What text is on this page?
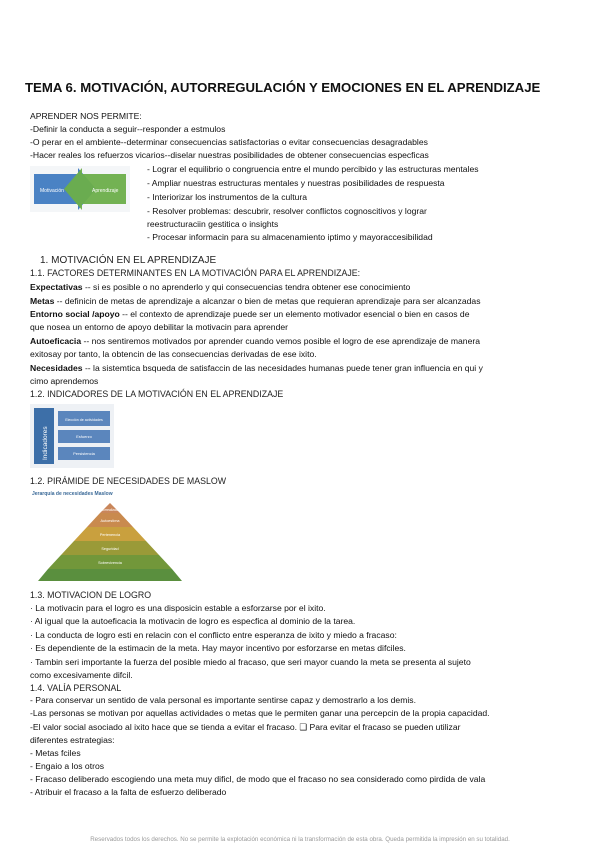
TEMA 6. MOTIVACIÓN, AUTORREGULACIÓN Y EMOCIONES EN EL APRENDIZAJE

APRENDER NOS PERMITE:

-Definir la conducta a seguir--responder a estmulos

-O perar en el ambiente--determinar consecuencias satisfactorias o evitar consecuencias desagradables

-Hacer reales los refuerzos vicarios--diselar nuestras posibilidades de obtener consecuencias especficas

Motivación	Aprendizaje

- Lograr el equilibrio o congruencia entre el mundo percibido y las estructuras mentales

- Ampliar nuestras estructuras mentales y nuestras posibilidades de respuesta

- Interiorizar los instrumentos de la cultura

- Resolver problemas: descubrir, resolver conflictos cognoscitivos y lograr

reestructuraciin gestitica o insights

- Procesar informacin para su almacenamiento iptimo y mayoraccesibilidad

1. MOTIVACIÓN EN EL APRENDIZAJE

1.1. FACTORES DETERMINANTES EN LA MOTIVACIÓN PARA EL APRENDIZAJE:

Expectativas -- si es posible o no aprenderlo y qui consecuencias tendra obtener ese conocimiento

Metas -- definicin de metas de aprendizaje a alcanzar o bien de metas que requieran aprendizaje para ser alcanzadas

Entorno social /apoyo -- el contexto de aprendizaje puede ser un elemento motivador esencial o bien en casos de

que nosea un entorno de apoyo debilitar la motivacin para aprender

Autoeficacia -- nos sentiremos motivados por aprender cuando vemos posible el logro de ese aprendizaje de manera

exitosay por tanto, la obtencin de las consecuencias derivadas de ese ixito.

Necesidades -- la sistemtica bsqueda de satisfaccin de las necesidades humanas puede tener gran influencia en qui y

cimo aprendemos

1.2. INDICADORES DE LA MOTIVACIÓN EN EL APRENDIZAJE

Indicadores
Elección de actividades
Esfuerzo
Persistencia

1.2. PIRÁMIDE DE NECESIDADES DE MASLOW

Jerarquía de necesidades Maslow
Autorrealización
Autoestima
Pertenencia
Seguridad
Sobrevivencia

1.3. MOTIVACION DE LOGRO

· La motivacin para el logro es una disposicin estable a esforzarse por el ixito.

· Al igual que la autoeficacia la motivacin de logro es especfica al dominio de la tarea.

· La conducta de logro esti en relacin con el conflicto entre esperanza de ixito y miedo a fracaso:

· Es dependiente de la estimacin de la meta. Hay mayor incentivo por esforzarse en metas difciles.

· Tambin seri importante la fuerza del posible miedo al fracaso, que seri mayor cuando la meta se presenta al sujeto

como excesivamente difcil.

1.4. VALÍA PERSONAL

- Para conservar un sentido de vala personal es importante sentirse capaz y demostrarlo a los demis.

-Las personas se motivan por aquellas actividades o metas que le permiten ganar una percepcin de la propia capacidad.

-El valor social asociado al ixito hace que se tienda a evitar el fracaso. ❑ Para evitar el fracaso se pueden utilizar

diferentes estrategias:

- Metas fciles

- Engaio a los otros

- Fracaso deliberado escogiendo una meta muy dificl, de modo que el fracaso no sea considerado como pirdida de vala

- Atribuir el fracaso a la falta de esfuerzo deliberado

Reservados todos los derechos. No se permite la explotación económica ni la transformación de esta obra. Queda permitida la impresión en su totalidad.
